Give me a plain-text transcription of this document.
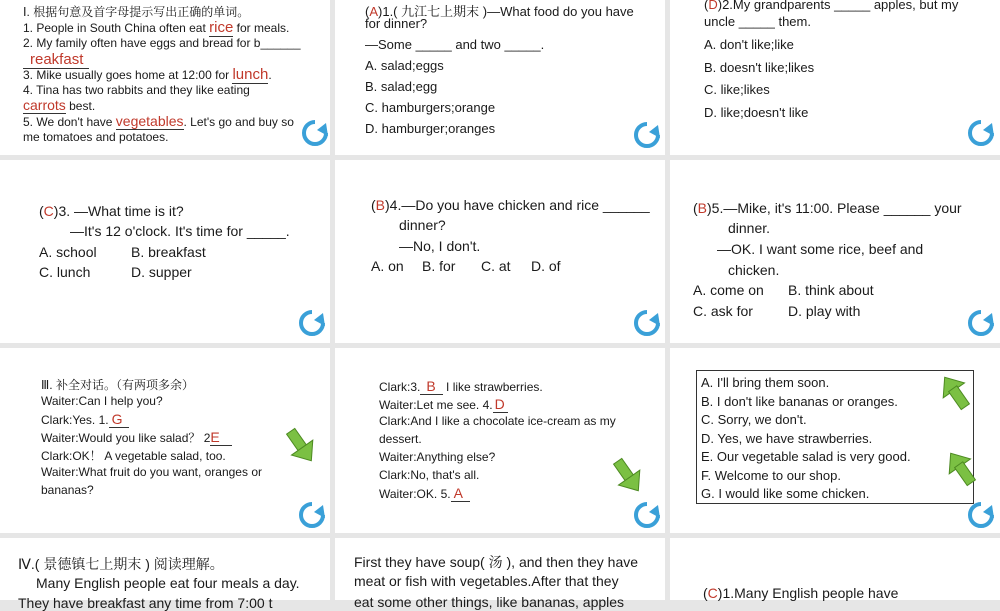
Ⅰ. 根据句意及首字母提示写出正确的单词。
1. People in South China often eat rice for meals.
2. My family often have eggs and bread for b______
reakfast
3. Mike usually goes home at 12:00 for lunch.
4. Tina has two rabbits and they like eating
carrots best.
5. We don't have vegetables. Let's go and buy so
me tomatoes and potatoes.
(A)1.( 九江七上期末 )—What food do you have
for dinner?
—Some _____ and two _____.
A. salad;eggs
B. salad;egg
C. hamburgers;orange
D. hamburger;oranges
(D)2.My grandparents _____ apples, but my
uncle _____ them.
A. don't like;like
B. doesn't like;likes
C. like;likes
D. like;doesn't like
(C)3. —What time is it?
—It's 12 o'clock. It's time for _____.
A. school B. breakfast
C. lunch	D. supper
(B)4.—Do you have chicken and rice ______
dinner?
—No, I don't.
A. on B. for C. at D. of
(B)5.—Mike, it's 11:00. Please ______ your
dinner.
—OK. I want some rice, beef and
chicken.
A. come on B. think about
C. ask for	D. play with
Ⅲ. 补全对话。（有两项多余）
Waiter:Can I help you?
Clark:Yes. 1. G
Waiter:Would you like salad？ 2E
Clark:OK！ A vegetable salad, too.
Waiter:What fruit do you want, oranges or
bananas?
Clark:3. B I like strawberries.
Waiter:Let me see. 4. D
Clark:And I like a chocolate ice-cream as my
dessert.
Waiter:Anything else?
Clark:No, that's all.
Waiter:OK. 5. A
A. I'll bring them soon.
B. I don't like bananas or oranges.
C. Sorry, we don't.
D. Yes, we have strawberries.
E. Our vegetable salad is very good.
F. Welcome to our shop.
G. I would like some chicken.
Ⅳ.( 景德镇七上期末 ) 阅读理解。
Many English people eat four meals a day.
They have breakfast any time from 7:00 t
First they have soup( 汤 ), and then they have
meat or fish with vegetables.After that they
eat some other things, like bananas, apples
(C)1.Many English people have
